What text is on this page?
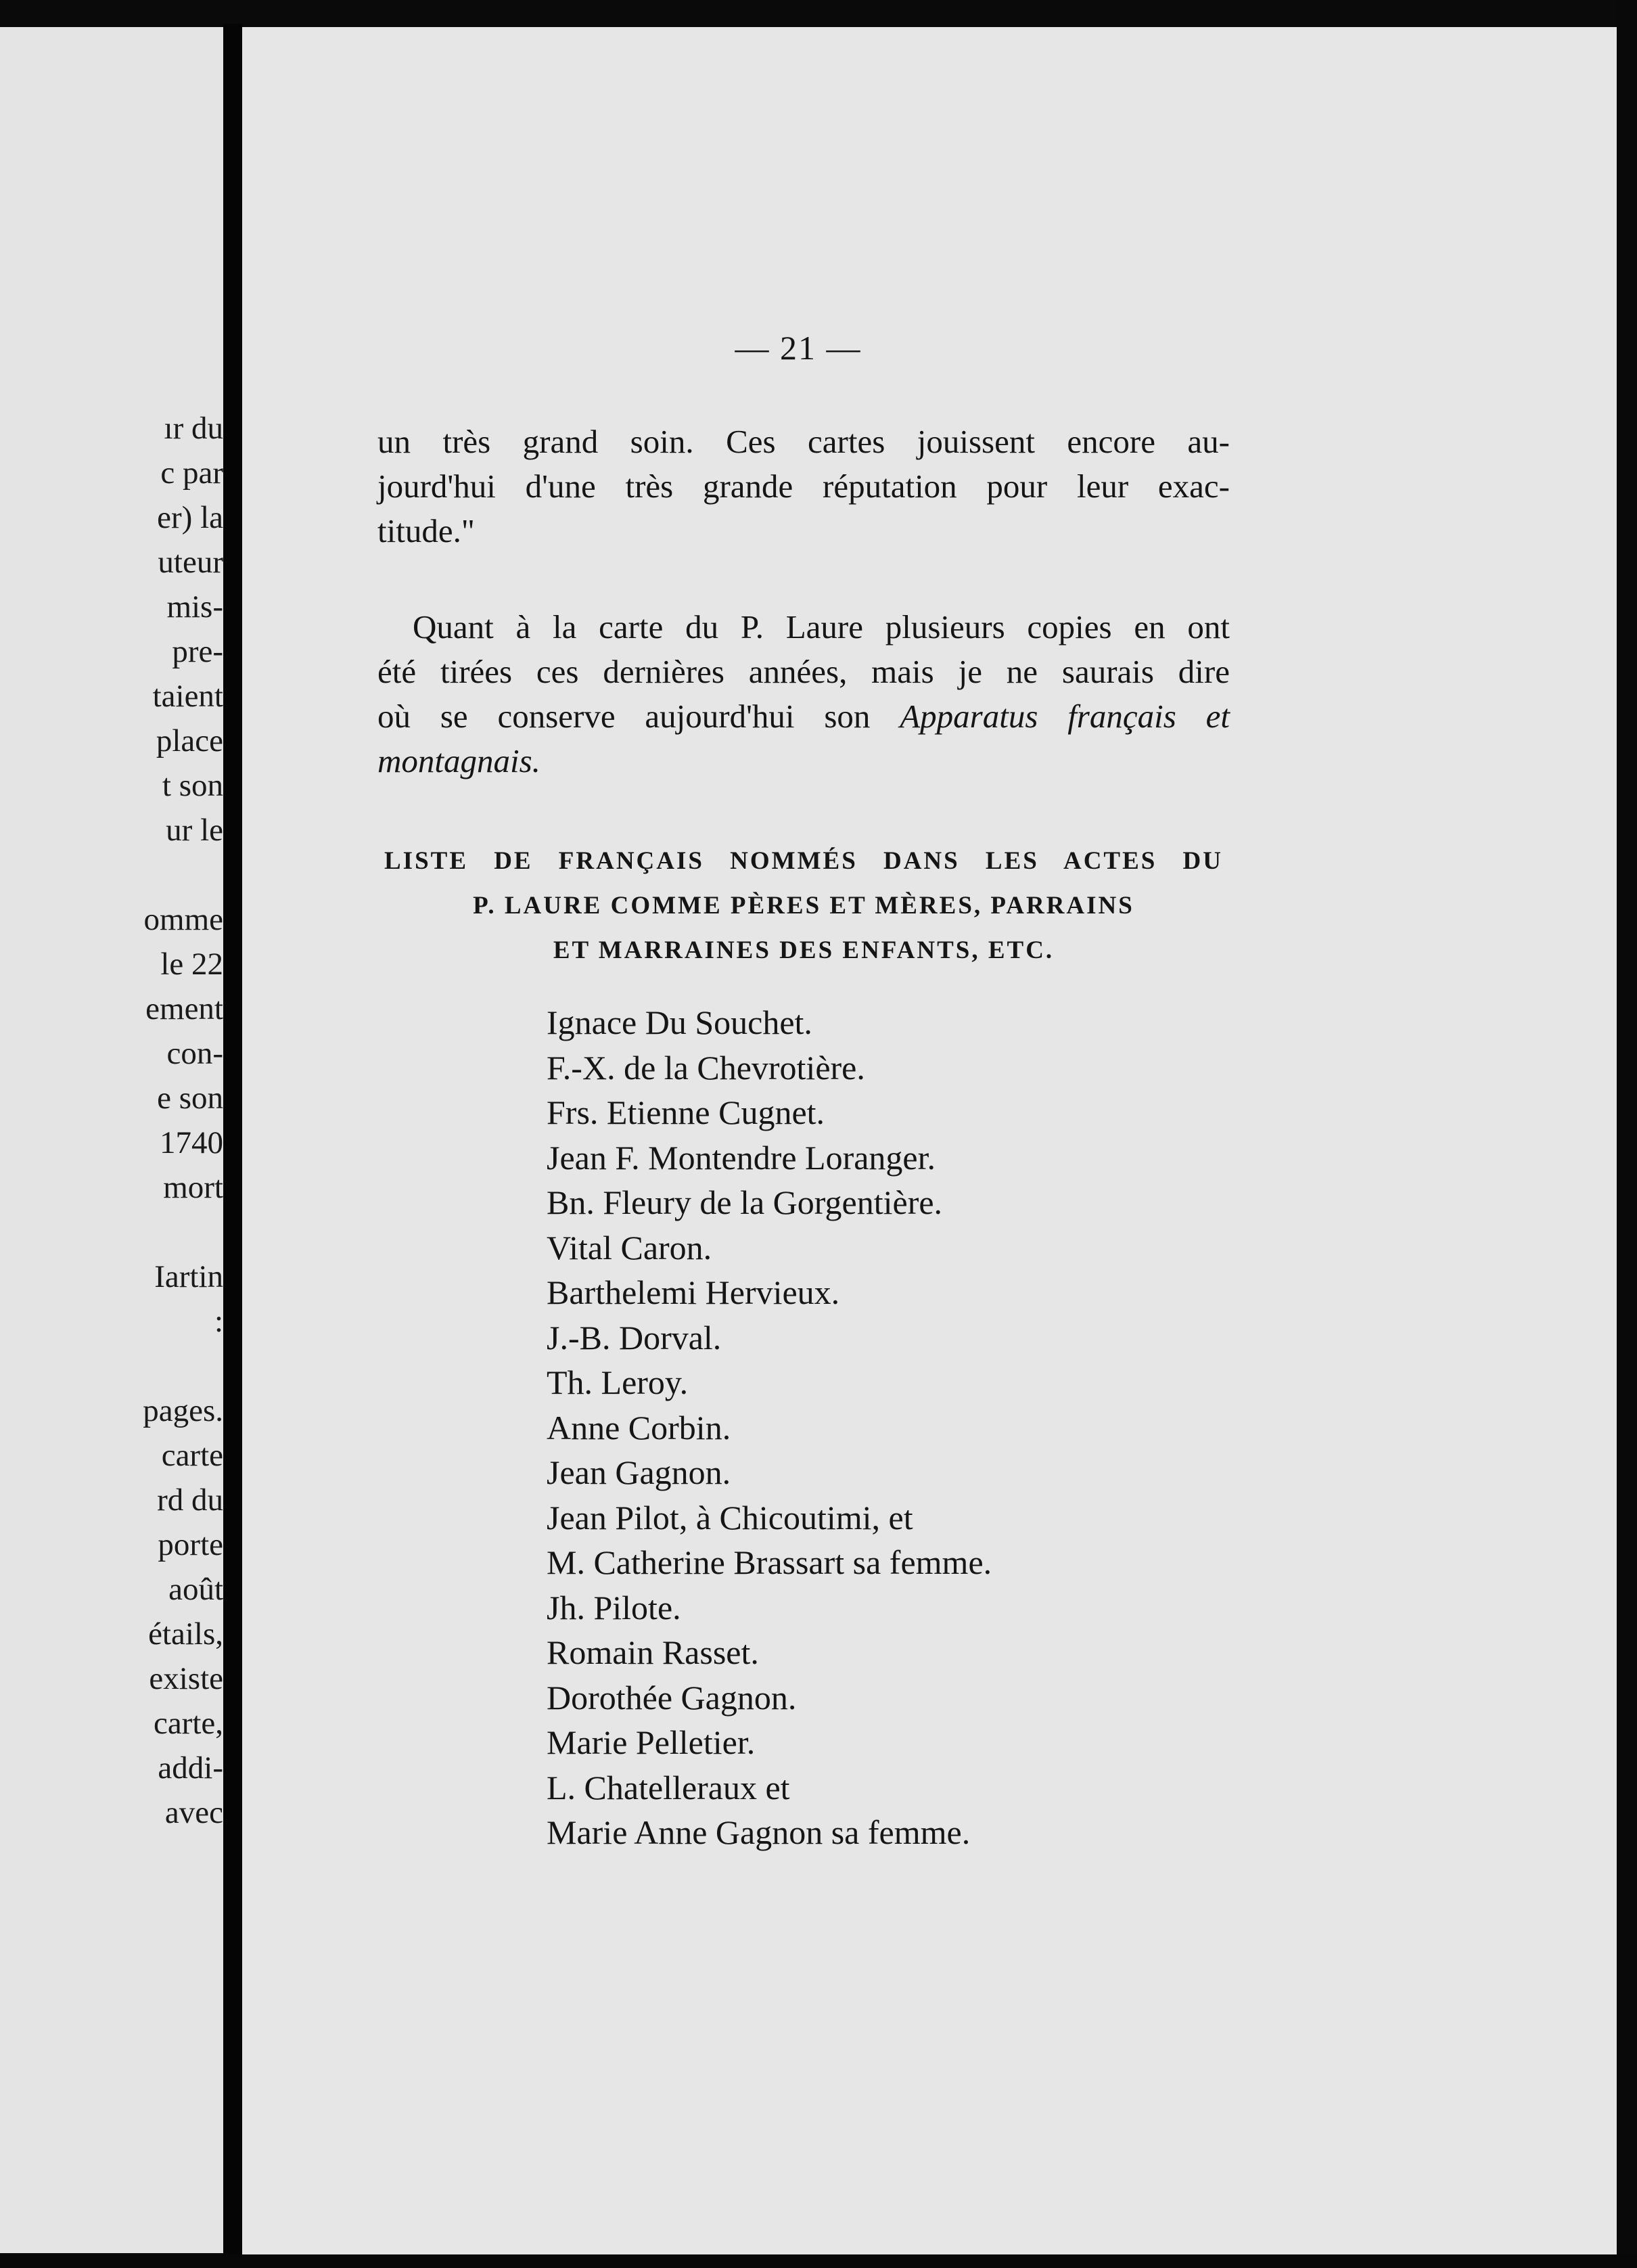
ır du
c par
er) la
uteur
mis-
pre-
taient
place
t son
ur le
omme
le 22
ement
con-
e son
1740
mort
Iartin
:
pages.
carte
rd du
porte
août
étails,
existe
carte,
addi-
avec
— 21 —
un très grand soin. Ces cartes jouissent encore au-
jourd'hui d'une très grande réputation pour leur exac-
titude."
Quant à la carte du P. Laure plusieurs copies en ont
été tirées ces dernières années, mais je ne saurais dire
où se conserve aujourd'hui son Apparatus français et
montagnais.
LISTE DE FRANÇAIS NOMMÉS DANS LES ACTES DU
P. LAURE COMME PÈRES ET MÈRES, PARRAINS
ET MARRAINES DES ENFANTS, ETC.
Ignace Du Souchet.
F.-X. de la Chevrotière.
Frs. Etienne Cugnet.
Jean F. Montendre Loranger.
Bn. Fleury de la Gorgentière.
Vital Caron.
Barthelemi Hervieux.
J.-B. Dorval.
Th. Leroy.
Anne Corbin.
Jean Gagnon.
Jean Pilot, à Chicoutimi, et
M. Catherine Brassart sa femme.
Jh. Pilote.
Romain Rasset.
Dorothée Gagnon.
Marie Pelletier.
L. Chatelleraux et
Marie Anne Gagnon sa femme.
